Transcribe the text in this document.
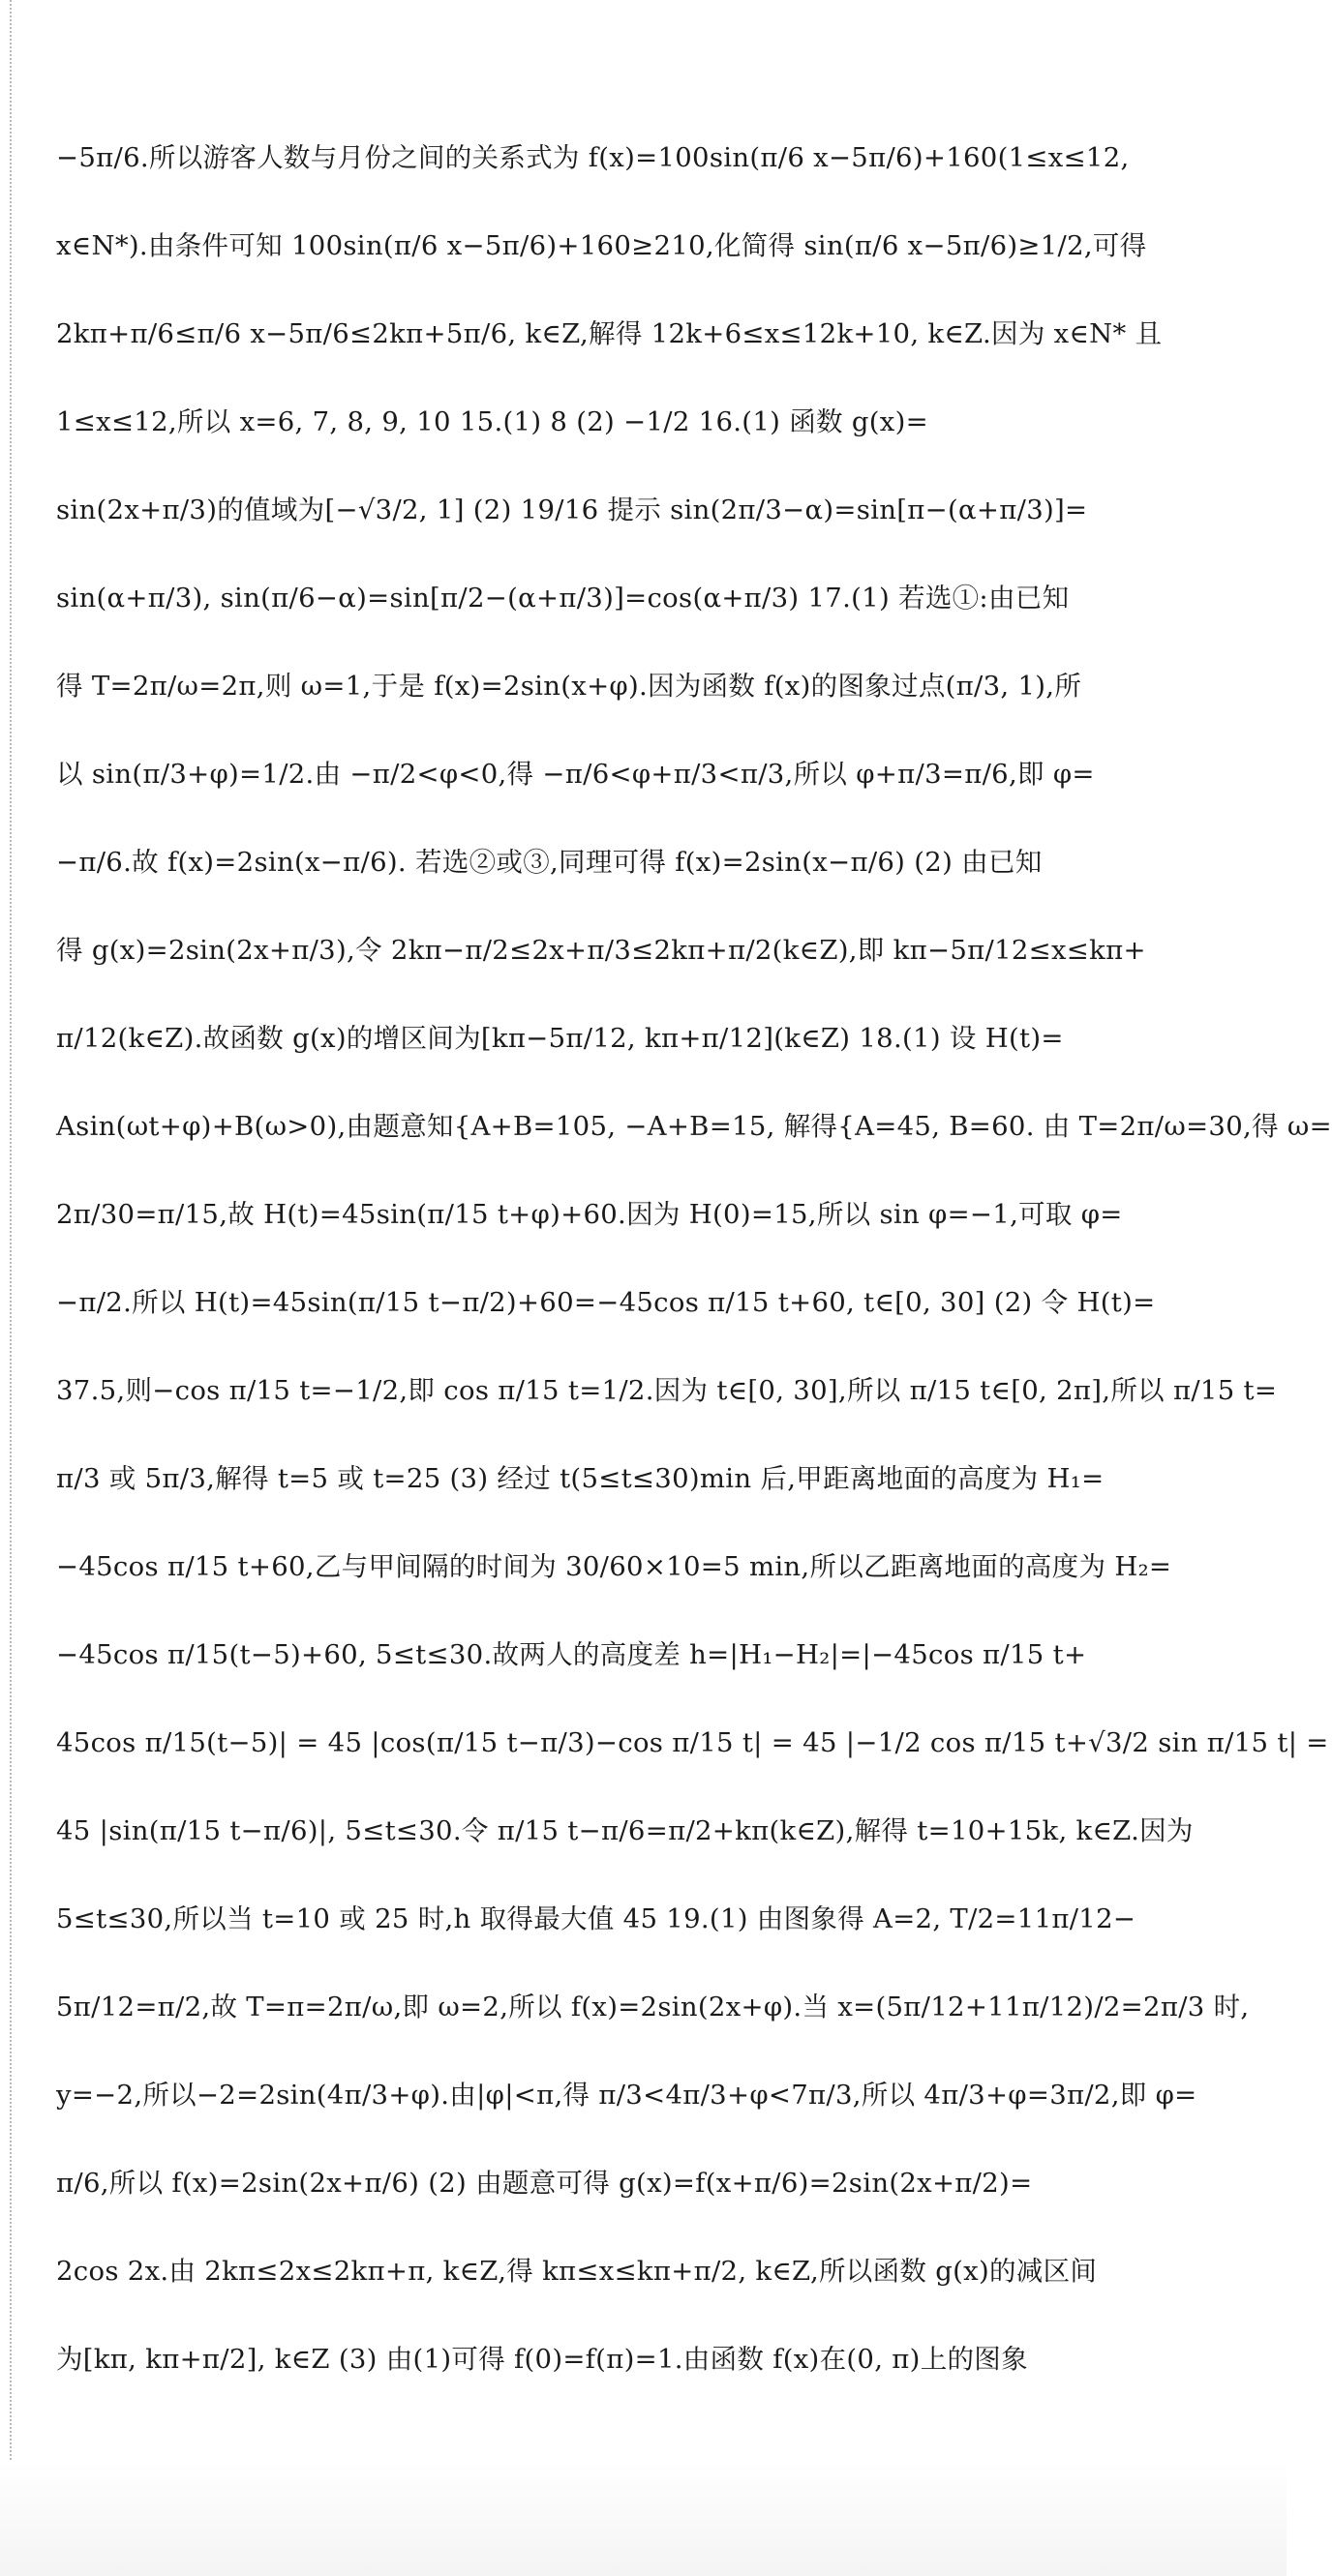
−5π/6.所以游客人数与月份之间的关系式为 f(x)=100sin(π/6 x−5π/6)+160(1≤x≤12,
x∈N*).由条件可知 100sin(π/6 x−5π/6)+160≥210,化简得 sin(π/6 x−5π/6)≥1/2,可得
2kπ+π/6≤π/6 x−5π/6≤2kπ+5π/6, k∈Z,解得 12k+6≤x≤12k+10, k∈Z.因为 x∈N* 且
1≤x≤12,所以 x=6, 7, 8, 9, 10 15.(1) 8 (2) −1/2 16.(1) 函数 g(x)=
sin(2x+π/3)的值域为[−√3/2, 1] (2) 19/16 提示 sin(2π/3−α)=sin[π−(α+π/3)]=
sin(α+π/3), sin(π/6−α)=sin[π/2−(α+π/3)]=cos(α+π/3) 17.(1) 若选①:由已知
得 T=2π/ω=2π,则 ω=1,于是 f(x)=2sin(x+φ).因为函数 f(x)的图象过点(π/3, 1),所
以 sin(π/3+φ)=1/2.由 −π/2<φ<0,得 −π/6<φ+π/3<π/3,所以 φ+π/3=π/6,即 φ=
−π/6.故 f(x)=2sin(x−π/6). 若选②或③,同理可得 f(x)=2sin(x−π/6) (2) 由已知
得 g(x)=2sin(2x+π/3),令 2kπ−π/2≤2x+π/3≤2kπ+π/2(k∈Z),即 kπ−5π/12≤x≤kπ+
π/12(k∈Z).故函数 g(x)的增区间为[kπ−5π/12, kπ+π/12](k∈Z) 18.(1) 设 H(t)=
Asin(ωt+φ)+B(ω>0),由题意知{A+B=105, −A+B=15, 解得{A=45, B=60. 由 T=2π/ω=30,得 ω=
2π/30=π/15,故 H(t)=45sin(π/15 t+φ)+60.因为 H(0)=15,所以 sin φ=−1,可取 φ=
−π/2.所以 H(t)=45sin(π/15 t−π/2)+60=−45cos π/15 t+60, t∈[0, 30] (2) 令 H(t)=
37.5,则−cos π/15 t=−1/2,即 cos π/15 t=1/2.因为 t∈[0, 30],所以 π/15 t∈[0, 2π],所以 π/15 t=
π/3 或 5π/3,解得 t=5 或 t=25 (3) 经过 t(5≤t≤30)min 后,甲距离地面的高度为 H₁=
−45cos π/15 t+60,乙与甲间隔的时间为 30/60×10=5 min,所以乙距离地面的高度为 H₂=
−45cos π/15(t−5)+60, 5≤t≤30.故两人的高度差 h=|H₁−H₂|=|−45cos π/15 t+
45cos π/15(t−5)| = 45 |cos(π/15 t−π/3)−cos π/15 t| = 45 |−1/2 cos π/15 t+√3/2 sin π/15 t| =
45 |sin(π/15 t−π/6)|, 5≤t≤30.令 π/15 t−π/6=π/2+kπ(k∈Z),解得 t=10+15k, k∈Z.因为
5≤t≤30,所以当 t=10 或 25 时,h 取得最大值 45 19.(1) 由图象得 A=2, T/2=11π/12−
5π/12=π/2,故 T=π=2π/ω,即 ω=2,所以 f(x)=2sin(2x+φ).当 x=(5π/12+11π/12)/2=2π/3 时,
y=−2,所以−2=2sin(4π/3+φ).由|φ|<π,得 π/3<4π/3+φ<7π/3,所以 4π/3+φ=3π/2,即 φ=
π/6,所以 f(x)=2sin(2x+π/6) (2) 由题意可得 g(x)=f(x+π/6)=2sin(2x+π/2)=
2cos 2x.由 2kπ≤2x≤2kπ+π, k∈Z,得 kπ≤x≤kπ+π/2, k∈Z,所以函数 g(x)的减区间
为[kπ, kπ+π/2], k∈Z (3) 由(1)可得 f(0)=f(π)=1.由函数 f(x)在(0, π)上的图象
